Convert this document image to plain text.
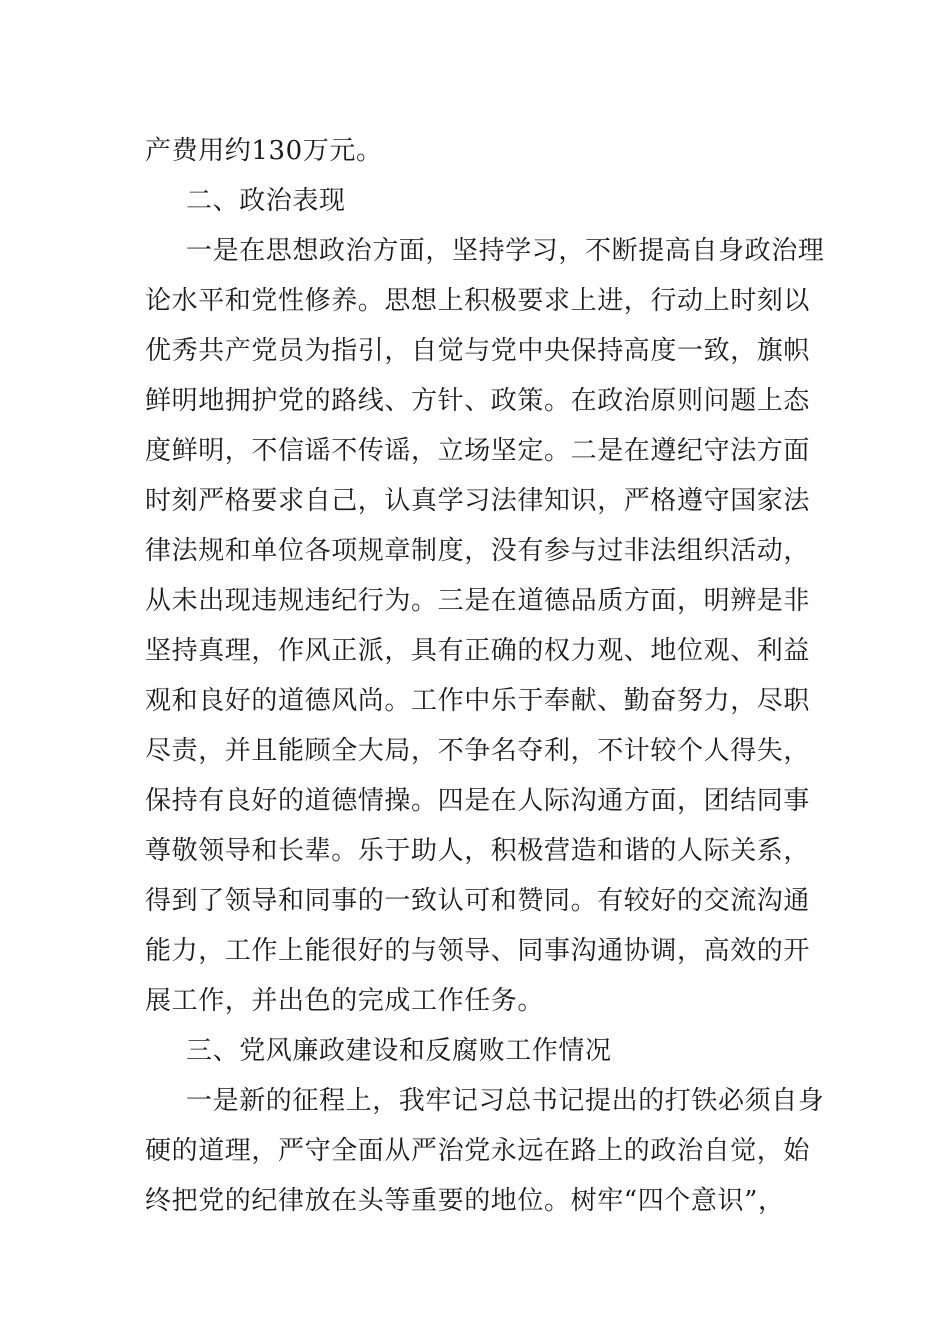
产费用约130万元。
二、政治表现
一是在思想政治方面，坚持学习，不断提高自身政治理
论水平和党性修养。思想上积极要求上进，行动上时刻以
优秀共产党员为指引，自觉与党中央保持高度一致，旗帜
鲜明地拥护党的路线、方针、政策。在政治原则问题上态
度鲜明，不信谣不传谣，立场坚定。二是在遵纪守法方面
时刻严格要求自己，认真学习法律知识，严格遵守国家法
律法规和单位各项规章制度，没有参与过非法组织活动，
从未出现违规违纪行为。三是在道德品质方面，明辨是非
坚持真理，作风正派，具有正确的权力观、地位观、利益
观和良好的道德风尚。工作中乐于奉献、勤奋努力，尽职
尽责，并且能顾全大局，不争名夺利，不计较个人得失，
保持有良好的道德情操。四是在人际沟通方面，团结同事
尊敬领导和长辈。乐于助人，积极营造和谐的人际关系，
得到了领导和同事的一致认可和赞同。有较好的交流沟通
能力，工作上能很好的与领导、同事沟通协调，高效的开
展工作，并出色的完成工作任务。
三、党风廉政建设和反腐败工作情况
一是新的征程上，我牢记习总书记提出的打铁必须自身
硬的道理，严守全面从严治党永远在路上的政治自觉，始
终把党的纪律放在头等重要的地位。树牢“四个意识”，
